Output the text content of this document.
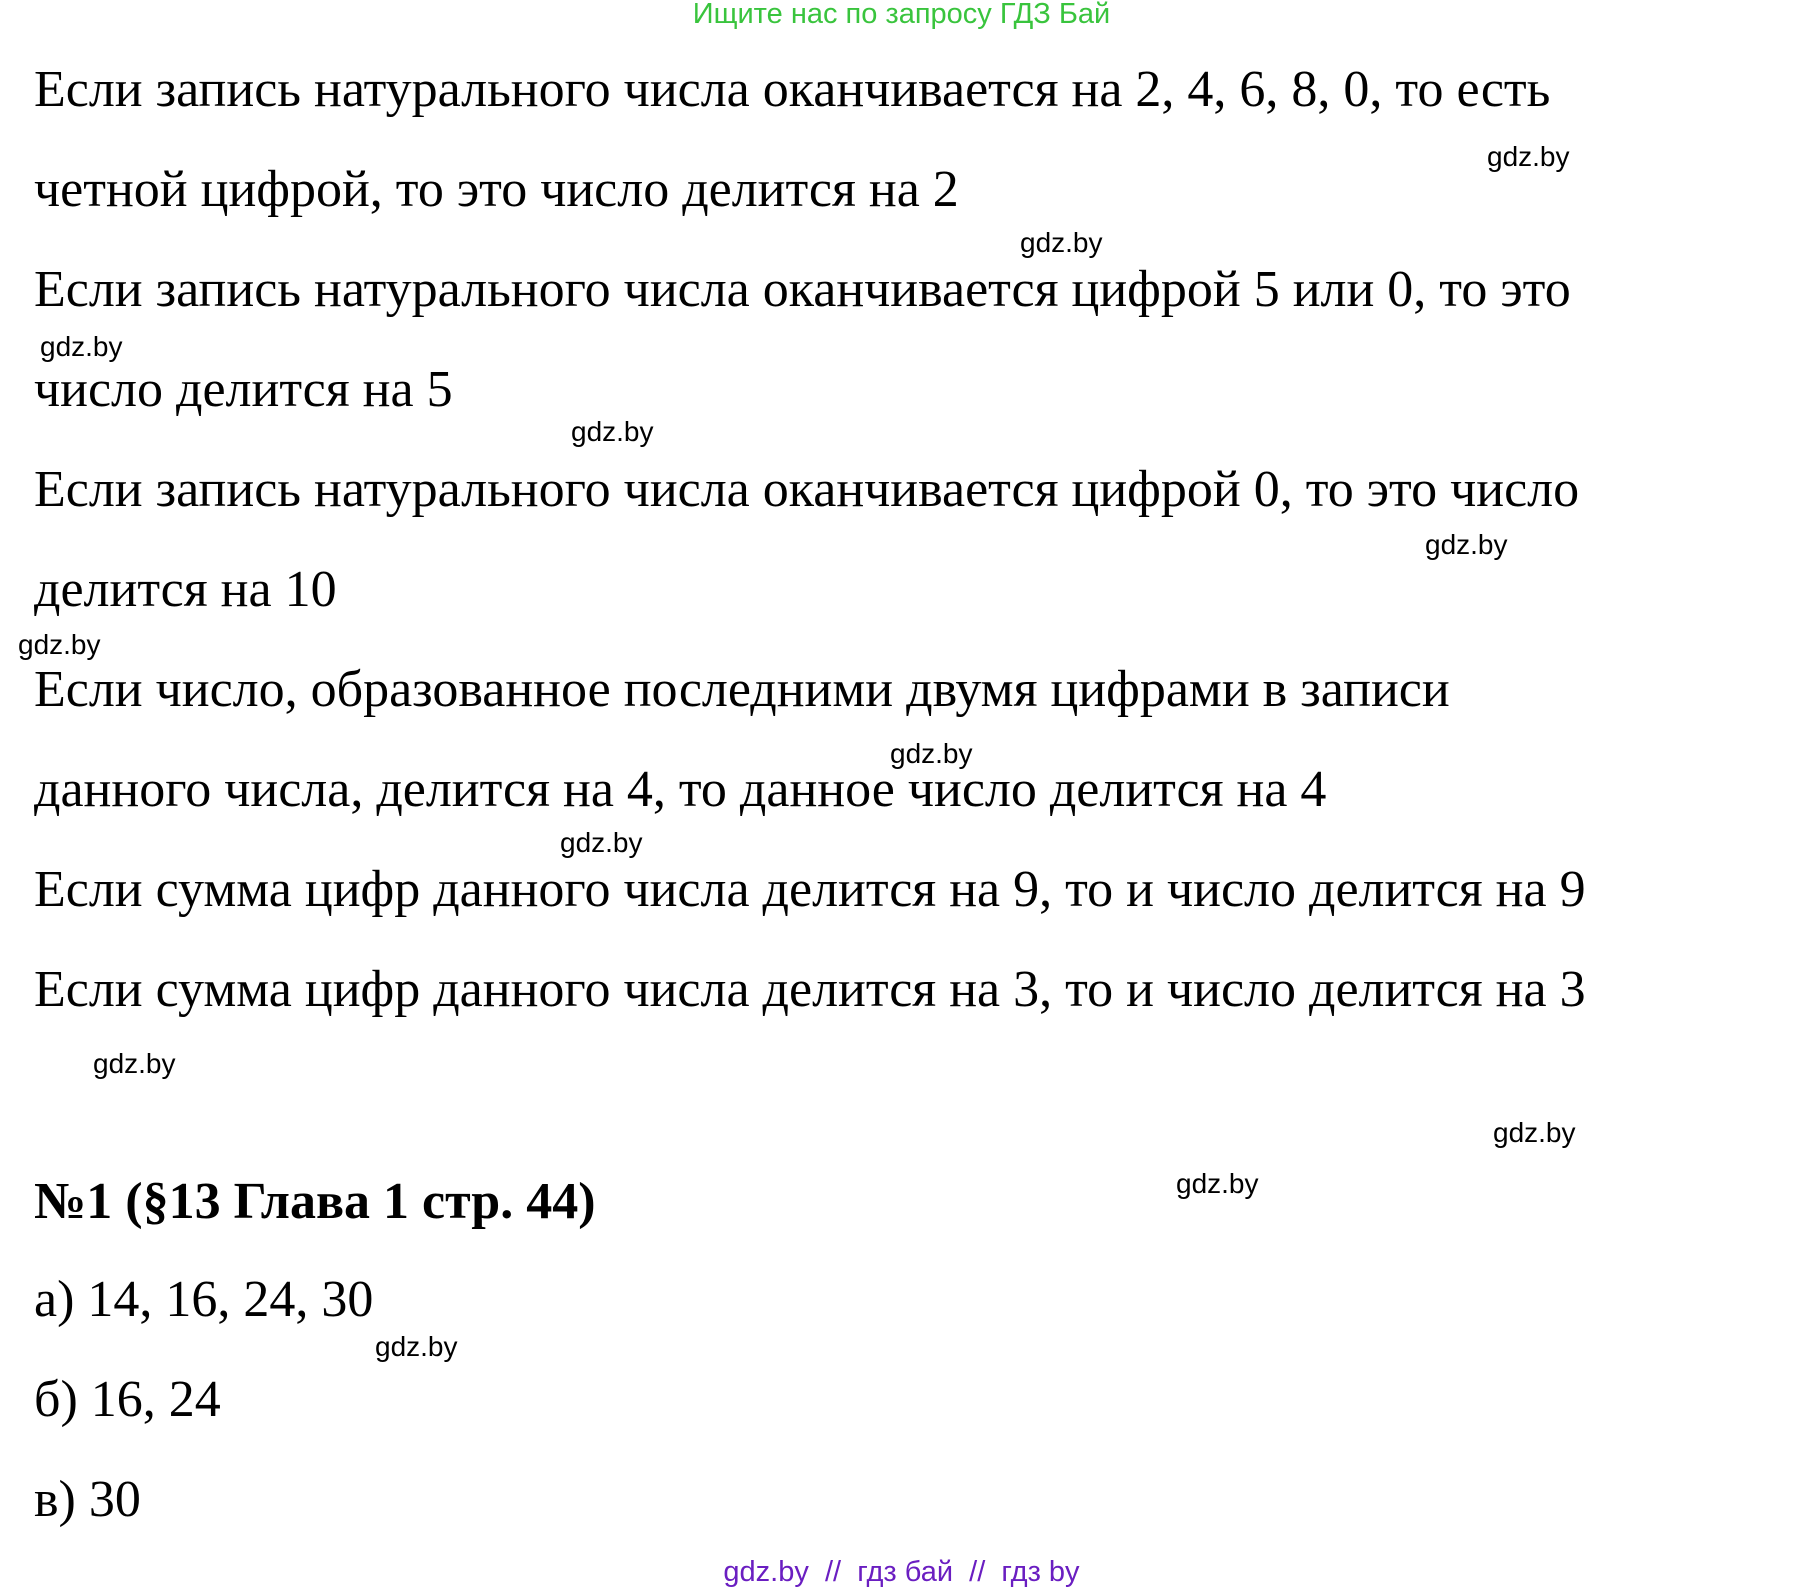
Ищите нас по запросу ГДЗ Бай
Если запись натурального числа оканчивается на 2, 4, 6, 8, 0, то есть
четной цифрой, то это число делится на 2
Если запись натурального числа оканчивается цифрой 5 или 0, то это
число делится на 5
Если запись натурального числа оканчивается цифрой 0, то это число
делится на 10
Если число, образованное последними двумя цифрами в записи
данного числа, делится на 4, то данное число делится на 4
Если сумма цифр данного числа делится на 9, то и число делится на 9
Если сумма цифр данного числа делится на 3, то и число делится на 3
№1 (§13 Глава 1 стр. 44)
а) 14, 16, 24, 30
б) 16, 24
в) 30
gdz.by
gdz.by
gdz.by
gdz.by
gdz.by
gdz.by
gdz.by
gdz.by
gdz.by
gdz.by
gdz.by
gdz.by
gdz.by  //  гдз бай  //  гдз by
